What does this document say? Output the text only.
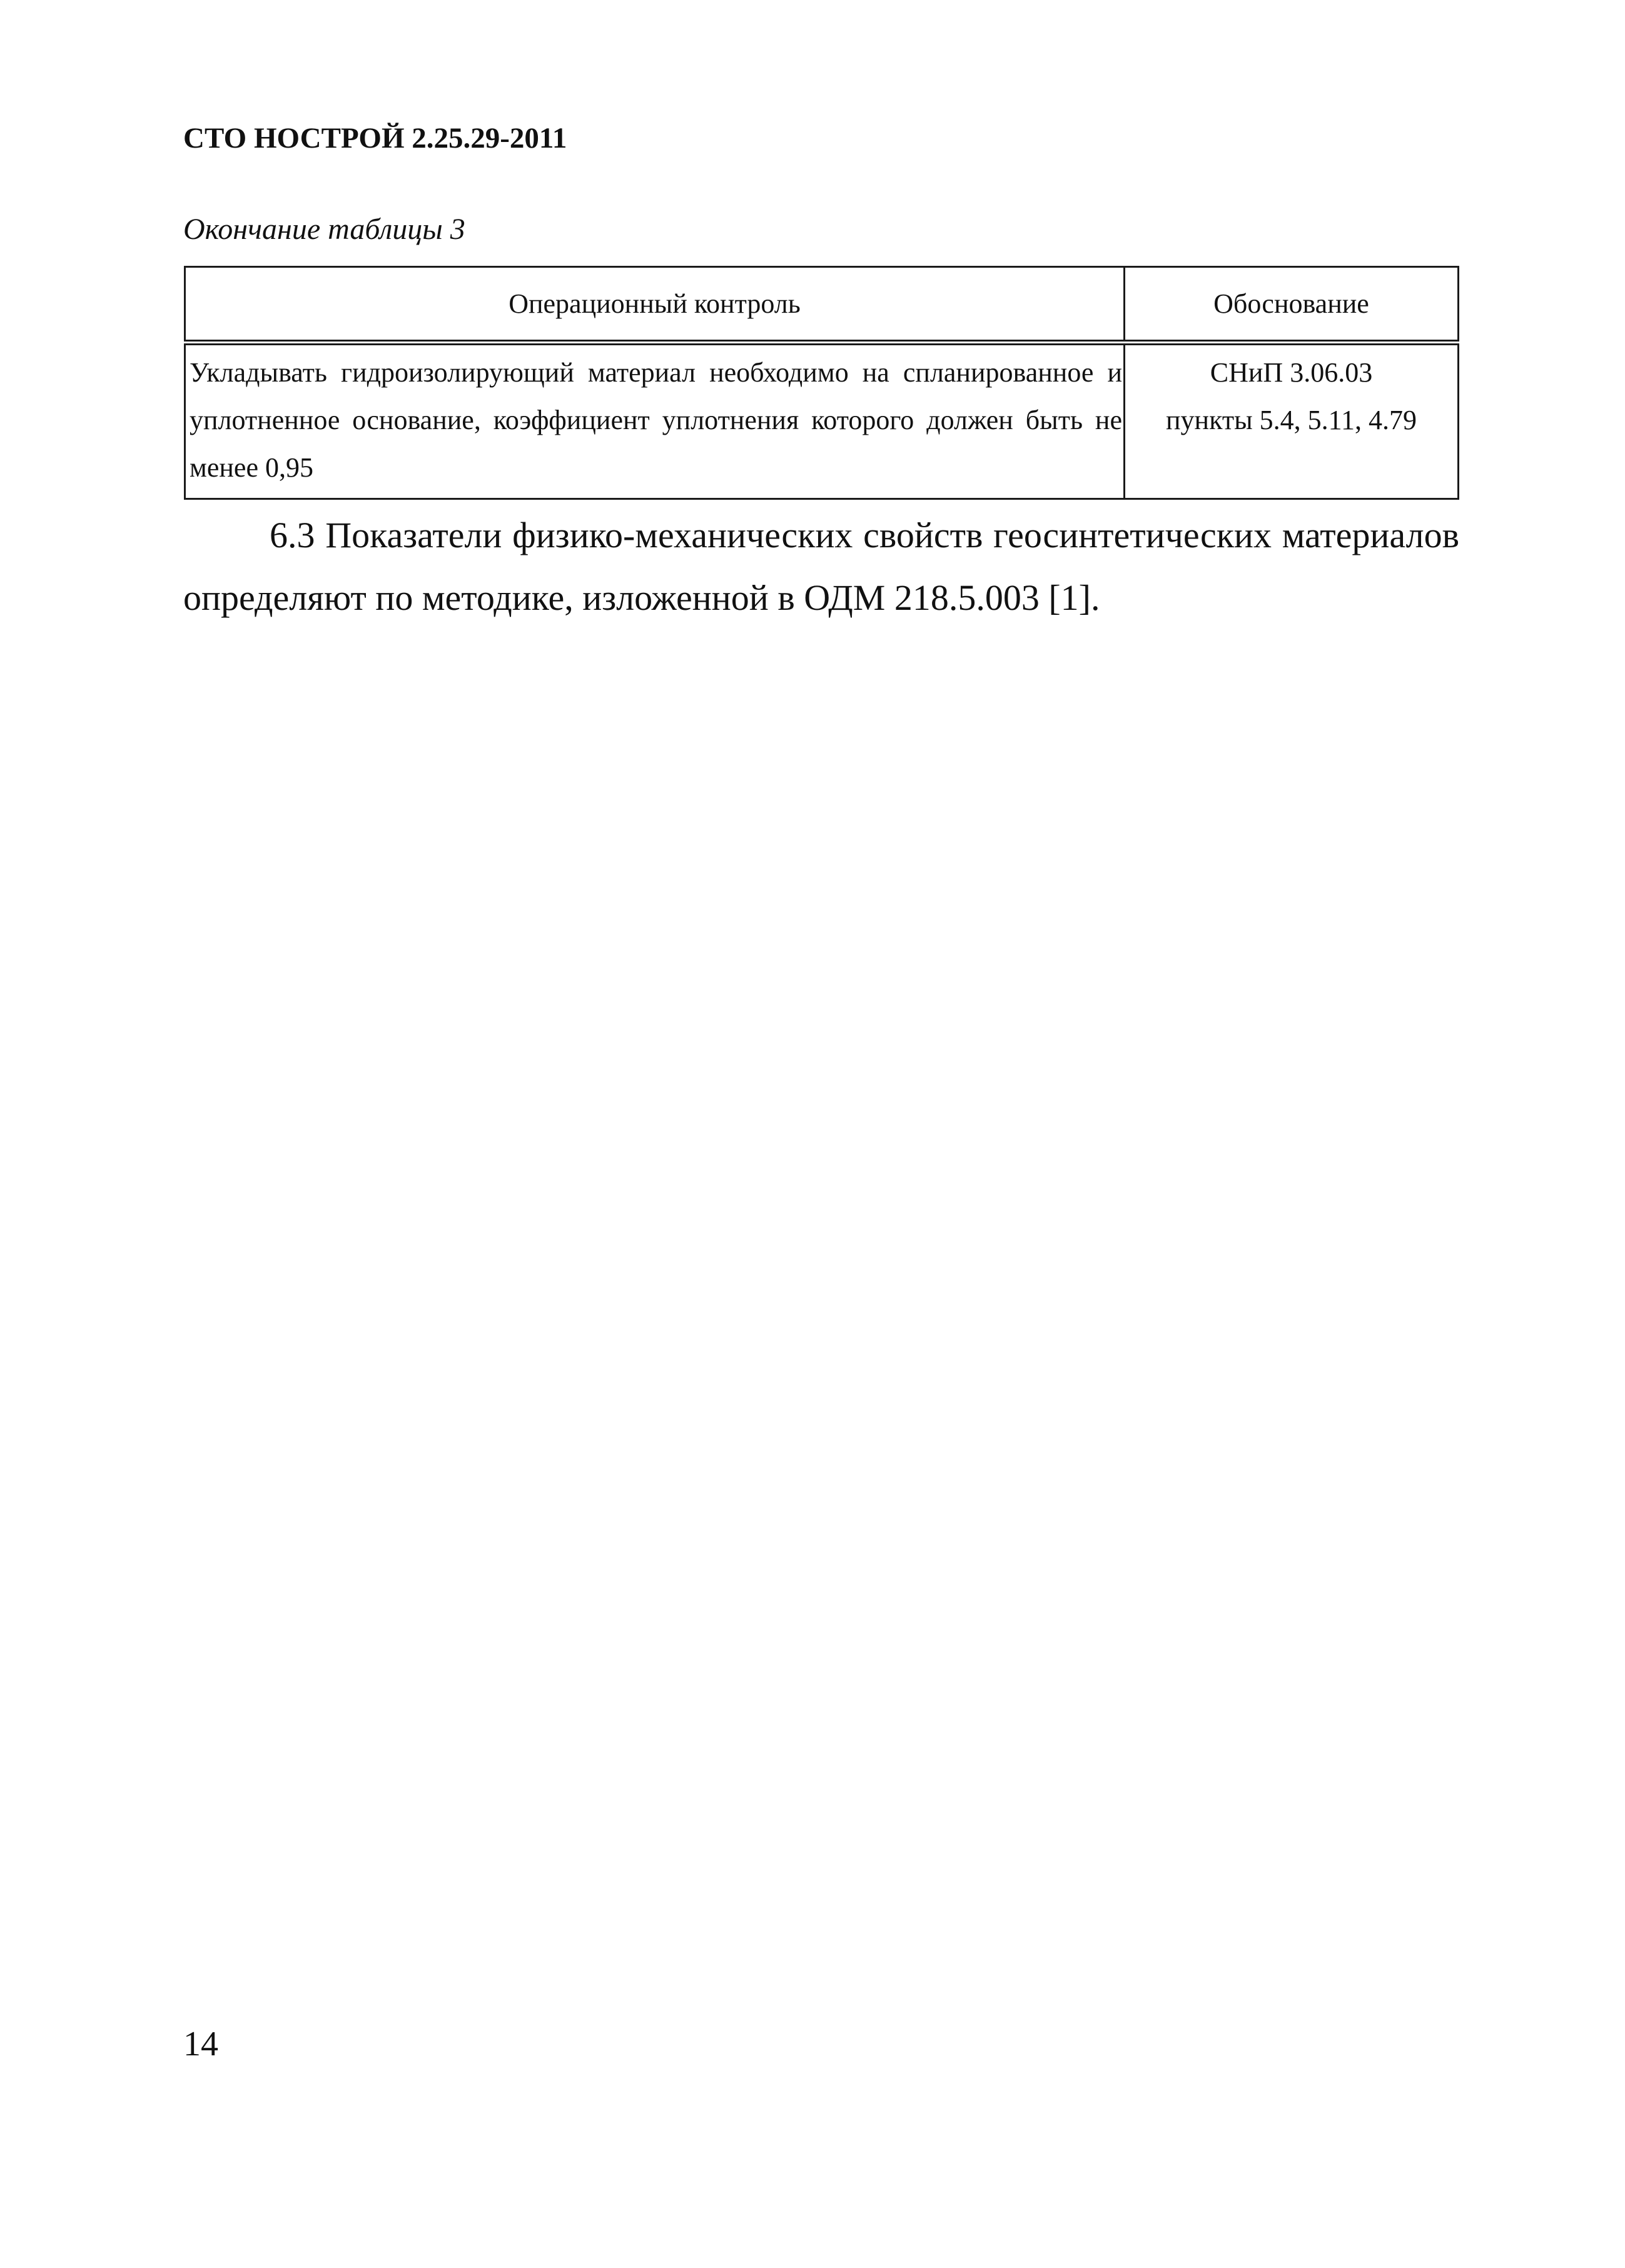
СТО НОСТРОЙ 2.25.29-2011
Окончание таблицы 3
Операционный контроль	Обоснование
Укладывать гидроизолирующий материал необходимо на спланированное и уплотненное основание, коэффициент уплотнения которого должен быть не менее 0,95	СНиП 3.06.03
пункты 5.4, 5.11, 4.79

6.3 Показатели физико-механических свойств геосинтетических материалов определяют по методике, изложенной в ОДМ 218.5.003 [1].

14
